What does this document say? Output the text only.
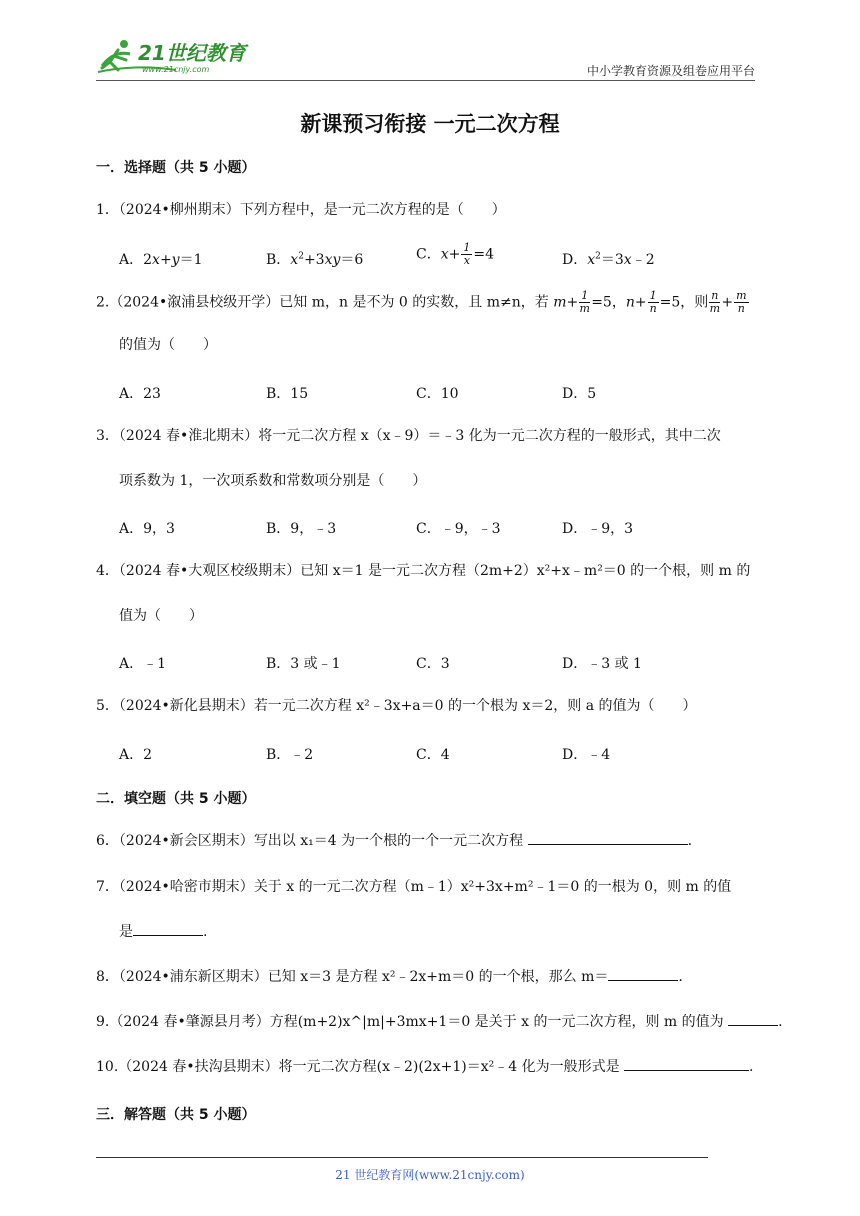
21世纪教育
www.21cnjy.com	中小学教育资源及组卷应用平台
新课预习衔接 一元二次方程
一．选择题（共 5 小题）
1．（2024•柳州期末）下列方程中，是一元二次方程的是（　　）
A．2x+y＝1	B．$x^2+3xy=6$	C．$x+ \frac{1}{x} =4$	D．$x^2=3x﹣2$
2.（2024•溆浦县校级开学）已知 m，n 是不为 0 的实数，且 m≠n，若 $m+ \frac{1}{m} =5$，$n+ \frac{1}{n} =5$，则 $\frac{n}{m} + \frac{m}{n}$
的值为（　　）
A．23	B．15	C．10	D．5
3．（2024 春•淮北期末）将一元二次方程 x（x﹣9）＝﹣3 化为一元二次方程的一般形式，其中二次
项系数为 1，一次项系数和常数项分别是（　　）
A．9，3	B．9，﹣3	C．﹣9，﹣3	D．﹣9，3
4．（2024 春•大观区校级期末）已知 x＝1 是一元二次方程（2m+2）x²+x﹣m²＝0 的一个根，则 m 的
值为（　　）
A．﹣1	B．3 或﹣1	C．3	D．﹣3 或 1
5．（2024•新化县期末）若一元二次方程 x²﹣3x+a＝0 的一个根为 x＝2，则 a 的值为（　　）
A．2	B．﹣2	C．4	D．﹣4
二．填空题（共 5 小题）
6．（2024•新会区期末）写出以 x₁＝4 为一个根的一个一元二次方程	.
7．（2024•哈密市期末）关于 x 的一元二次方程（m﹣1）x²+3x+m²﹣1＝0 的一根为 0，则 m 的值
是	.
8．（2024•浦东新区期末）已知 x＝3 是方程 x²﹣2x+m＝0 的一个根，那么 m＝	.
9.（2024 春•肇源县月考）方程(m+2)x^|m|+3mx+1＝0 是关于 x 的一元二次方程，则 m 的值为	.
10.（2024 春•扶沟县期末）将一元二次方程(x﹣2)(2x+1)＝x²﹣4 化为一般形式是	.
三．解答题（共 5 小题）
21 世纪教育网(www.21cnjy.com)
